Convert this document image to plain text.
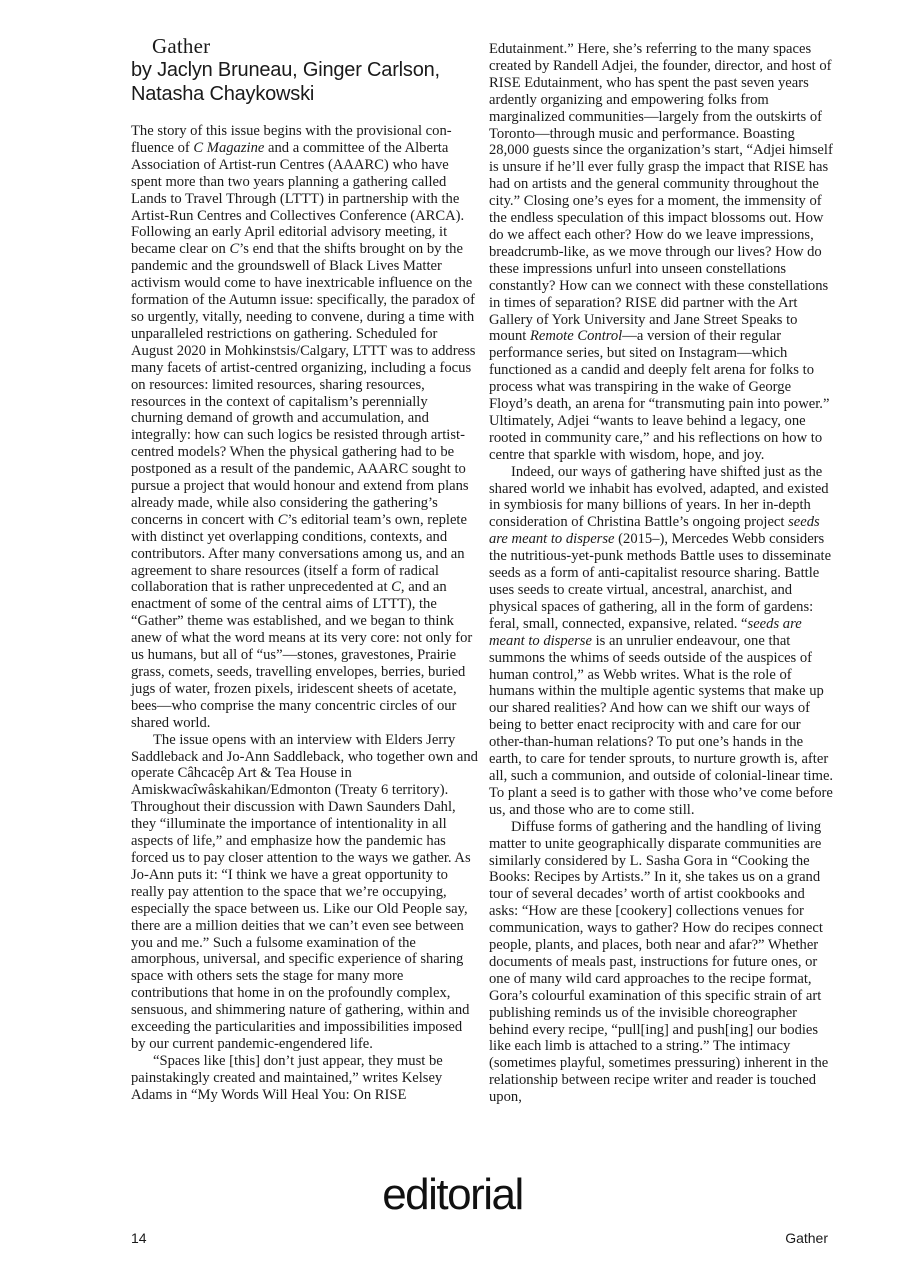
Gather
by Jaclyn Bruneau, Ginger Carlson, Natasha Chaykowski

The story of this issue begins with the provisional confluence of C Magazine and a committee of the Alberta Association of Artist-run Centres (AAARC) who have spent more than two years planning a gathering called Lands to Travel Through (LTTT) in partnership with the Artist-Run Centres and Collectives Conference (ARCA). Following an early April editorial advisory meeting, it became clear on C’s end that the shifts brought on by the pandemic and the groundswell of Black Lives Matter activism would come to have inextricable influence on the formation of the Autumn issue: specifically, the paradox of so urgently, vitally, needing to convene, during a time with unparalleled restrictions on gathering. Scheduled for August 2020 in Mohkinstsis/Calgary, LTTT was to address many facets of artist-centred organizing, including a focus on resources: limited resources, sharing resources, resources in the context of capitalism’s perennially churning demand of growth and accumulation, and integrally: how can such logics be resisted through artist-centred models? When the physical gathering had to be postponed as a result of the pandemic, AAARC sought to pursue a project that would honour and extend from plans already made, while also considering the gathering’s concerns in concert with C’s editorial team’s own, replete with distinct yet overlapping conditions, contexts, and contributors. After many conversations among us, and an agreement to share resources (itself a form of radical collaboration that is rather unprecedented at C, and an enactment of some of the central aims of LTTT), the “Gather” theme was established, and we began to think anew of what the word means at its very core: not only for us humans, but all of “us”—stones, gravestones, Prairie grass, comets, seeds, travelling envelopes, berries, buried jugs of water, frozen pixels, iridescent sheets of acetate, bees—who comprise the many concentric circles of our shared world.

The issue opens with an interview with Elders Jerry Saddleback and Jo-Ann Saddleback, who together own and operate Câhcacêp Art & Tea House in Amiskwacîwâskahikan/Edmonton (Treaty 6 territory). Throughout their discussion with Dawn Saunders Dahl, they “illuminate the importance of intentionality in all aspects of life,” and emphasize how the pandemic has forced us to pay closer attention to the ways we gather. As Jo-Ann puts it: “I think we have a great opportunity to really pay attention to the space that we’re occupying, especially the space between us. Like our Old People say, there are a million deities that we can’t even see between you and me.” Such a fulsome examination of the amorphous, universal, and specific experience of sharing space with others sets the stage for many more contributions that home in on the profoundly complex, sensuous, and shimmering nature of gathering, within and exceeding the particularities and impossibilities imposed by our current pandemic-engendered life.

“Spaces like [this] don’t just appear, they must be painstakingly created and maintained,” writes Kelsey Adams in “My Words Will Heal You: On RISE

Edutainment.” Here, she’s referring to the many spaces created by Randell Adjei, the founder, director, and host of RISE Edutainment, who has spent the past seven years ardently organizing and empowering folks from marginalized communities—largely from the outskirts of Toronto—through music and performance. Boasting 28,000 guests since the organization’s start, “Adjei himself is unsure if he’ll ever fully grasp the impact that RISE has had on artists and the general community throughout the city.” Closing one’s eyes for a moment, the immensity of the endless speculation of this impact blossoms out. How do we affect each other? How do we leave impressions, breadcrumb-like, as we move through our lives? How do these impressions unfurl into unseen constellations constantly? How can we connect with these constellations in times of separation? RISE did partner with the Art Gallery of York University and Jane Street Speaks to mount Remote Control—a version of their regular performance series, but sited on Instagram—which functioned as a candid and deeply felt arena for folks to process what was transpiring in the wake of George Floyd’s death, an arena for “transmuting pain into power.” Ultimately, Adjei “wants to leave behind a legacy, one rooted in community care,” and his reflections on how to centre that sparkle with wisdom, hope, and joy.

Indeed, our ways of gathering have shifted just as the shared world we inhabit has evolved, adapted, and existed in symbiosis for many billions of years. In her in-depth consideration of Christina Battle’s ongoing project seeds are meant to disperse (2015–), Mercedes Webb considers the nutritious-yet-punk methods Battle uses to disseminate seeds as a form of anti-capitalist resource sharing. Battle uses seeds to create virtual, ancestral, anarchist, and physical spaces of gathering, all in the form of gardens: feral, small, connected, expansive, related. “seeds are meant to disperse is an unrulier endeavour, one that summons the whims of seeds outside of the auspices of human control,” as Webb writes. What is the role of humans within the multiple agentic systems that make up our shared realities? And how can we shift our ways of being to better enact reciprocity with and care for our other-than-human relations? To put one’s hands in the earth, to care for tender sprouts, to nurture growth is, after all, such a communion, and outside of colonial-linear time. To plant a seed is to gather with those who’ve come before us, and those who are to come still.

Diffuse forms of gathering and the handling of living matter to unite geographically disparate communities are similarly considered by L. Sasha Gora in “Cooking the Books: Recipes by Artists.” In it, she takes us on a grand tour of several decades’ worth of artist cookbooks and asks: “How are these [cookery] collections venues for communication, ways to gather? How do recipes connect people, plants, and places, both near and afar?” Whether documents of meals past, instructions for future ones, or one of many wild card approaches to the recipe format, Gora’s colourful examination of this specific strain of art publishing reminds us of the invisible choreographer behind every recipe, “pull[ing] and push[ing] our bodies like each limb is attached to a string.” The intimacy (sometimes playful, sometimes pressuring) inherent in the relationship between recipe writer and reader is touched upon,

editorial
14	Gather
